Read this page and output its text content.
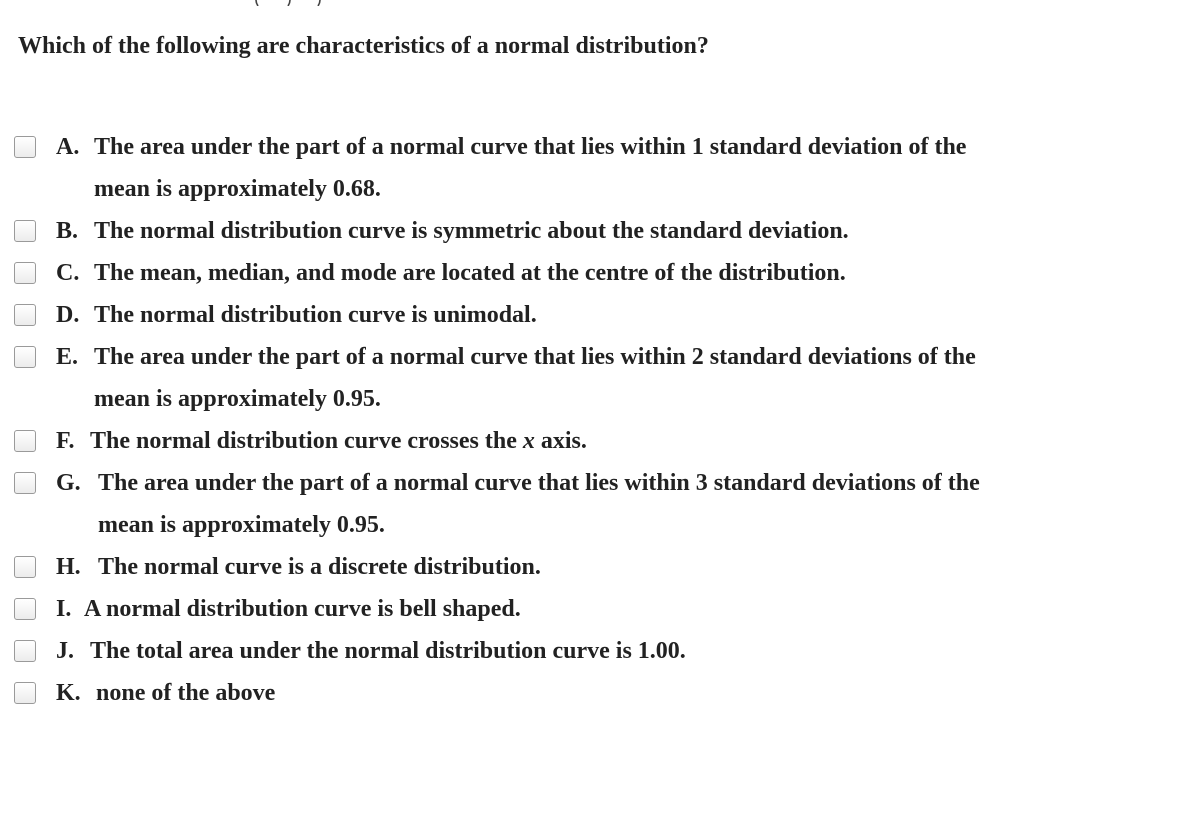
Which of the following are characteristics of a normal distribution?
A. The area under the part of a normal curve that lies within 1 standard deviation of the
mean is approximately 0.68.
B. The normal distribution curve is symmetric about the standard deviation.
C. The mean, median, and mode are located at the centre of the distribution.
D. The normal distribution curve is unimodal.
E. The area under the part of a normal curve that lies within 2 standard deviations of the
mean is approximately 0.95.
F. The normal distribution curve crosses the x axis.
G. The area under the part of a normal curve that lies within 3 standard deviations of the
mean is approximately 0.95.
H. The normal curve is a discrete distribution.
I. A normal distribution curve is bell shaped.
J. The total area under the normal distribution curve is 1.00.
K. none of the above
